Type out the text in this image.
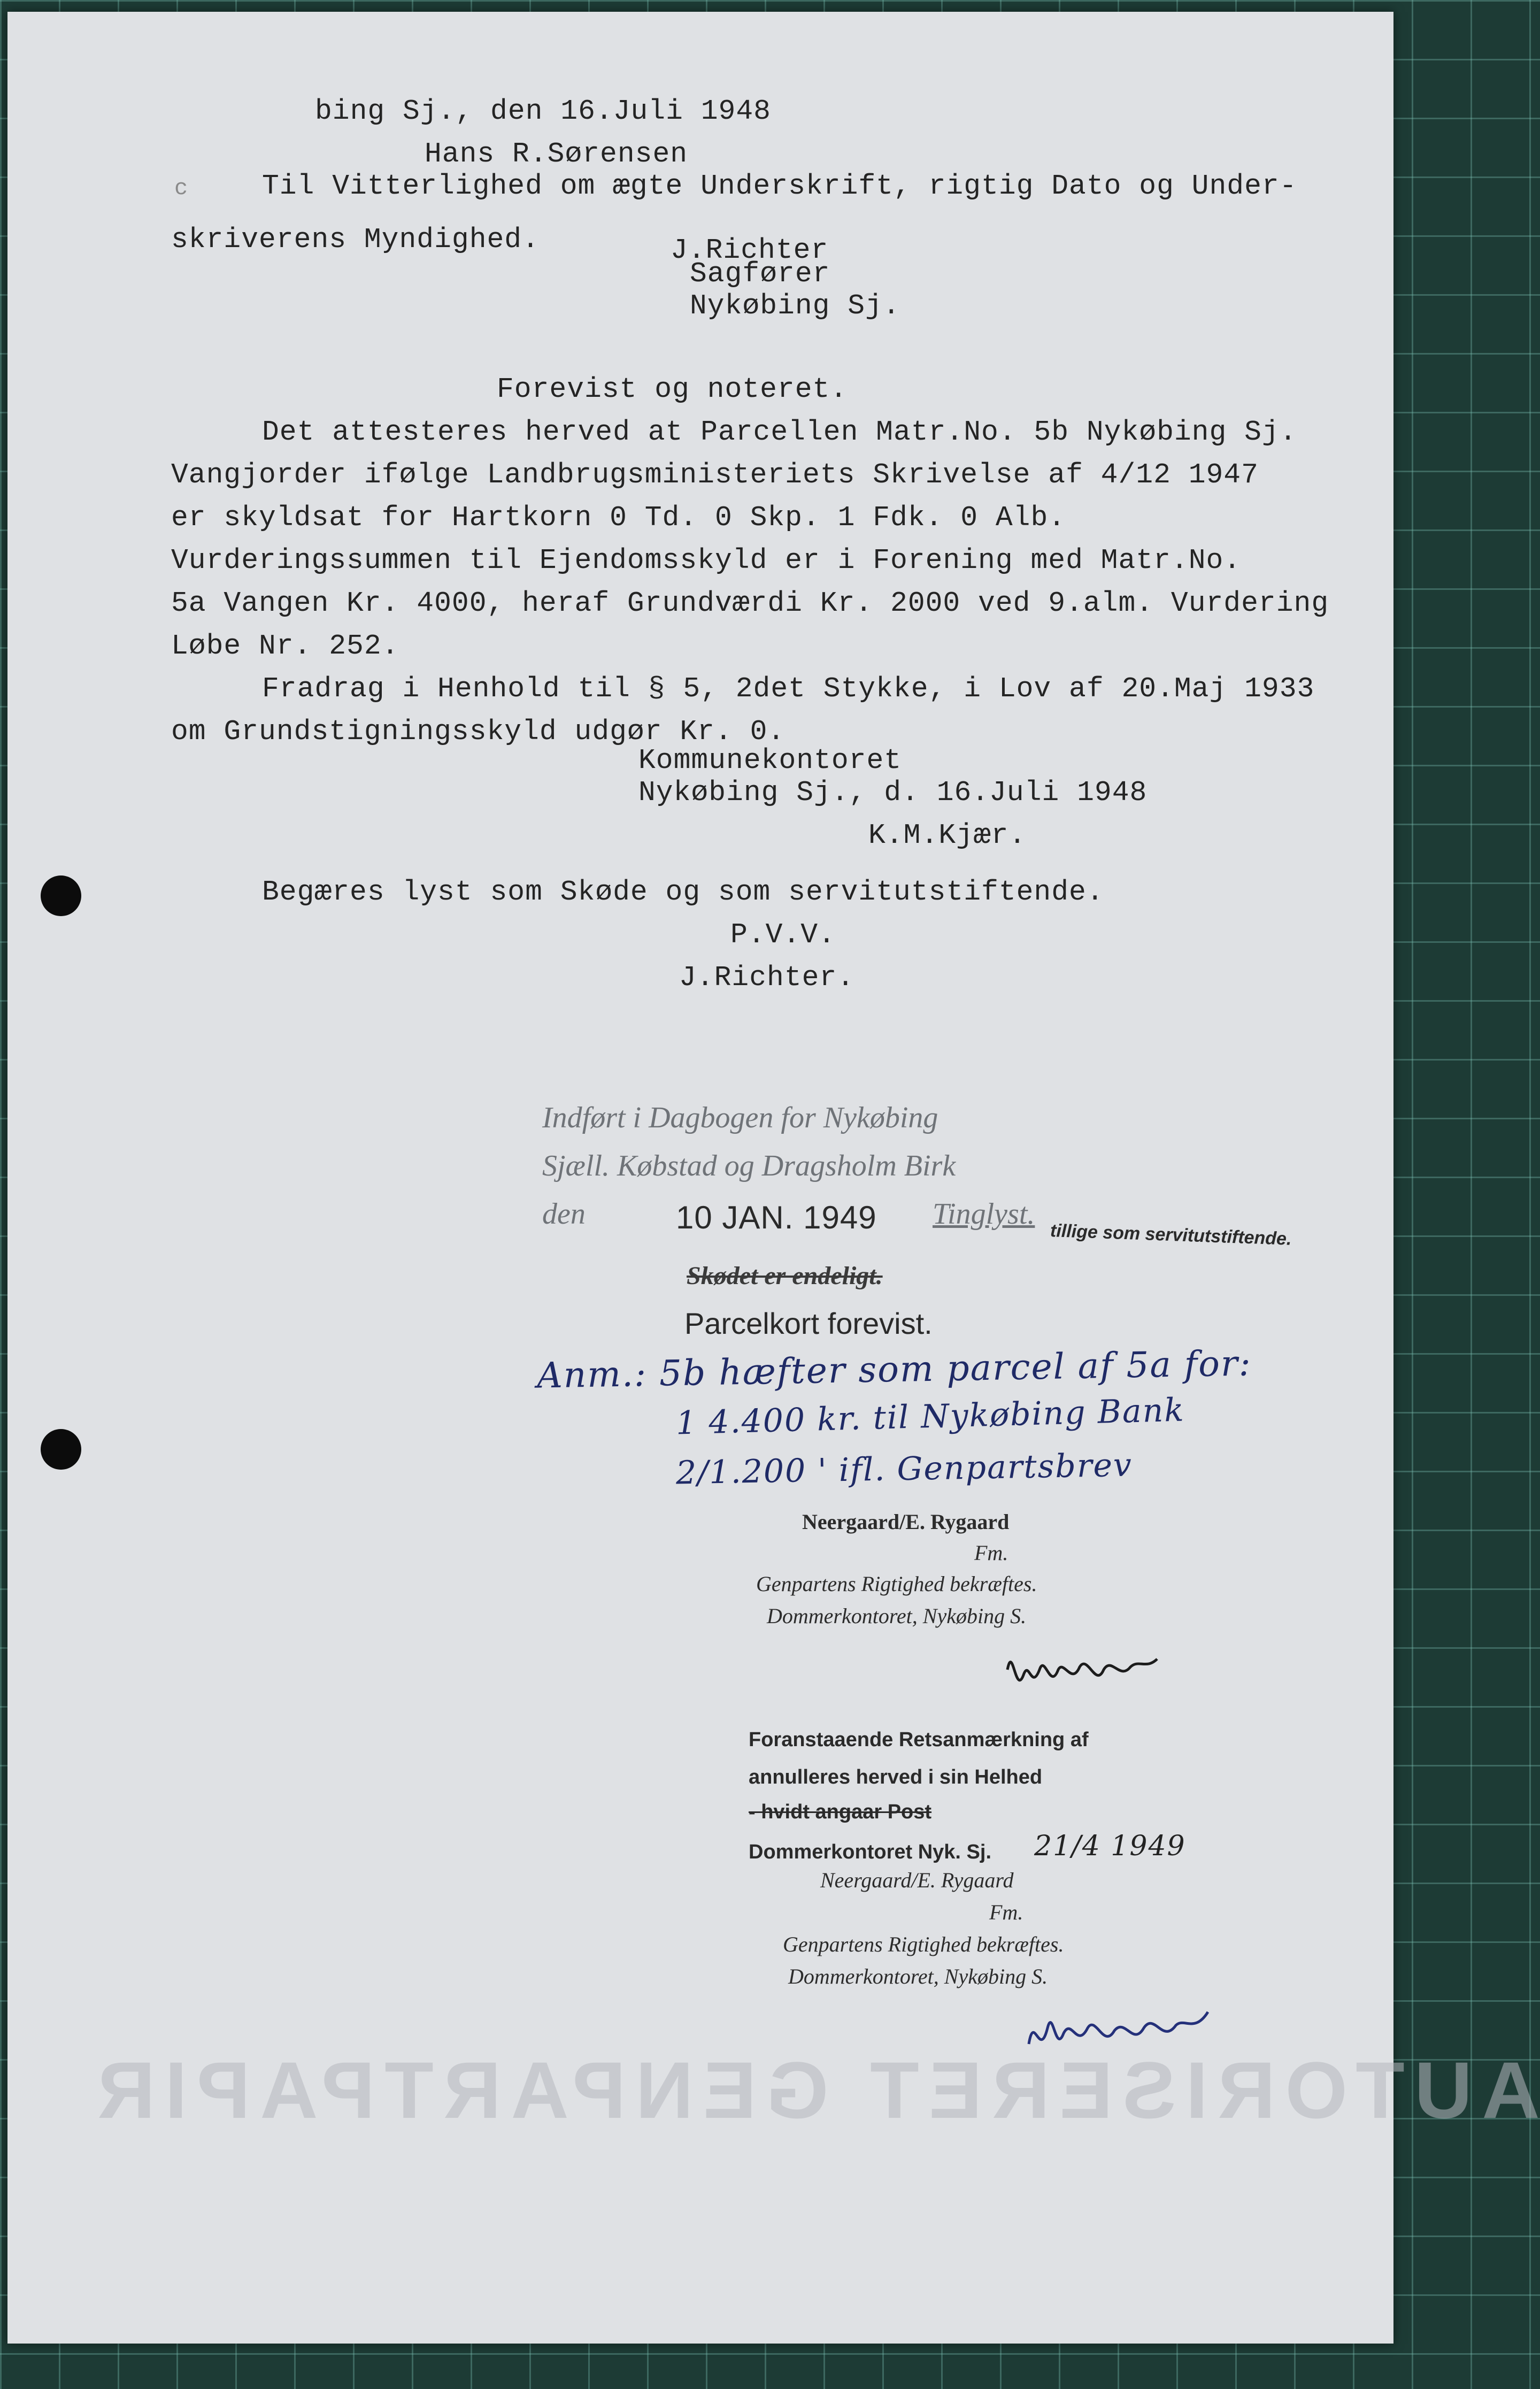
bing Sj., den 16.Juli 1948
Hans R.Sørensen
c	Til Vitterlighed om ægte Underskrift, rigtig Dato og Under-
skriverens Myndighed.	J.Richter
Sagfører
Nykøbing Sj.
Forevist og noteret.
Det attesteres herved at Parcellen Matr.No. 5b Nykøbing Sj.
Vangjorder ifølge Landbrugsministeriets Skrivelse af 4/12 1947
er skyldsat for Hartkorn 0 Td. 0 Skp. 1 Fdk. 0 Alb.
Vurderingssummen til Ejendomsskyld er i Forening med Matr.No.
5a Vangen Kr. 4000, heraf Grundværdi Kr. 2000 ved 9.alm. Vurdering
Løbe Nr. 252.
Fradrag i Henhold til § 5, 2det Stykke, i Lov af 20.Maj 1933
om Grundstigningsskyld udgør Kr. 0.
Kommunekontoret
Nykøbing Sj., d. 16.Juli 1948
K.M.Kjær.
Begæres lyst som Skøde og som servitutstiftende.
P.V.V.
J.Richter.
Indført i Dagbogen for Nykøbing
Sjæll. Købstad og Dragsholm Birk
den	10 JAN. 1949 Tinglyst.
tillige som servitutstiftende.
Skødet er endeligt.
Parcelkort forevist.
Anm.: 5b hæfter som parcel af 5a for:
1 4.400 kr. til Nykøbing Bank
2/1.200 ' ifl. Genpartsbrev
Neergaard/E. Rygaard
Fm.
Genpartens Rigtighed bekræftes.
Dommerkontoret, Nykøbing S.
Foranstaaende Retsanmærkning af
annulleres herved i sin Helhed
- hvidt angaar Post
Dommerkontoret Nyk. Sj. 21/4 1949
Neergaard/E. Rygaard
Fm.
Genpartens Rigtighed bekræftes.
Dommerkontoret, Nykøbing S.
AUTORISERET GENPARTPAPIR
